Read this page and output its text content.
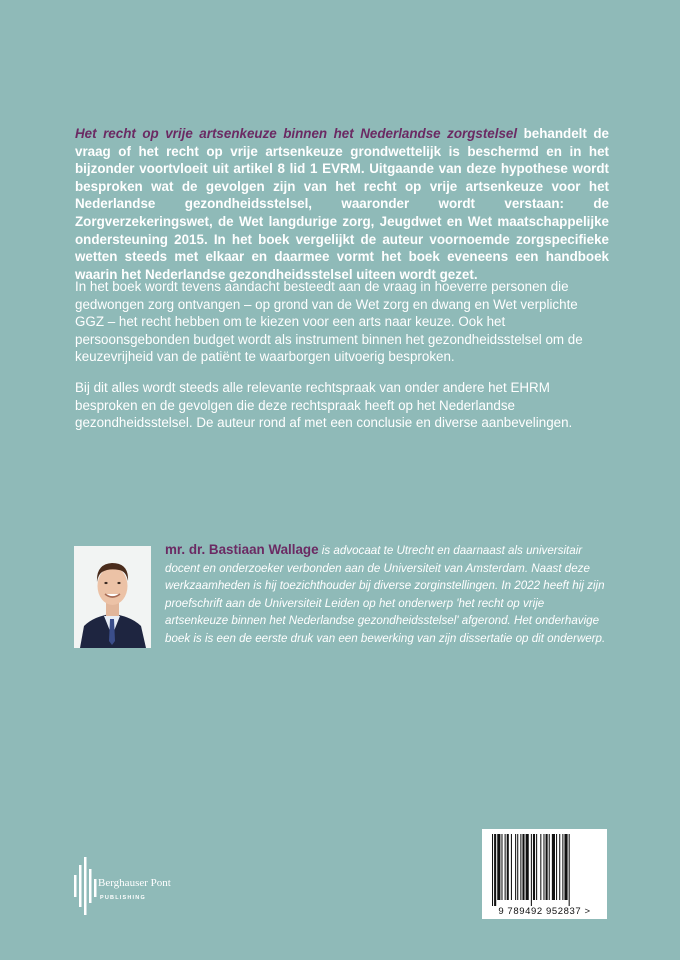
Het recht op vrije artsenkeuze binnen het Nederlandse zorgstelsel behandelt de vraag of het recht op vrije artsenkeuze grondwettelijk is beschermd en in het bijzonder voortvloeit uit artikel 8 lid 1 EVRM. Uitgaande van deze hypothese wordt besproken wat de gevolgen zijn van het recht op vrije artsenkeuze voor het Nederlandse gezondheidsstelsel, waaronder wordt verstaan: de Zorgverzekeringswet, de Wet langdurige zorg, Jeugdwet en Wet maatschappelijke ondersteuning 2015. In het boek vergelijkt de auteur voornoemde zorgspecifieke wetten steeds met elkaar en daarmee vormt het boek eveneens een handboek waarin het Nederlandse gezondheidsstelsel uiteen wordt gezet.

In het boek wordt tevens aandacht besteedt aan de vraag in hoeverre personen die gedwongen zorg ontvangen – op grond van de Wet zorg en dwang en Wet verplichte GGZ – het recht hebben om te kiezen voor een arts naar keuze. Ook het persoonsgebonden budget wordt als instrument binnen het gezondheidsstelsel om de keuzevrijheid van de patiënt te waarborgen uitvoerig besproken.

Bij dit alles wordt steeds alle relevante rechtspraak van onder andere het EHRM besproken en de gevolgen die deze rechtspraak heeft op het Nederlandse gezondheidsstelsel. De auteur rond af met een conclusie en diverse aanbevelingen.

mr. dr. Bastiaan Wallage is advocaat te Utrecht en daarnaast als universitair docent en onderzoeker verbonden aan de Universiteit van Amsterdam. Naast deze werkzaamheden is hij toezichthouder bij diverse zorginstellingen. In 2022 heeft hij zijn proefschrift aan de Universiteit Leiden op het onderwerp 'het recht op vrije artsenkeuze binnen het Nederlandse gezondheidsstelsel' afgerond. Het onderhavige boek is is een de eerste druk van een bewerking van zijn dissertatie op dit onderwerp.

Berghauser Pont

PUBLISHING

9 789492 952837 >
